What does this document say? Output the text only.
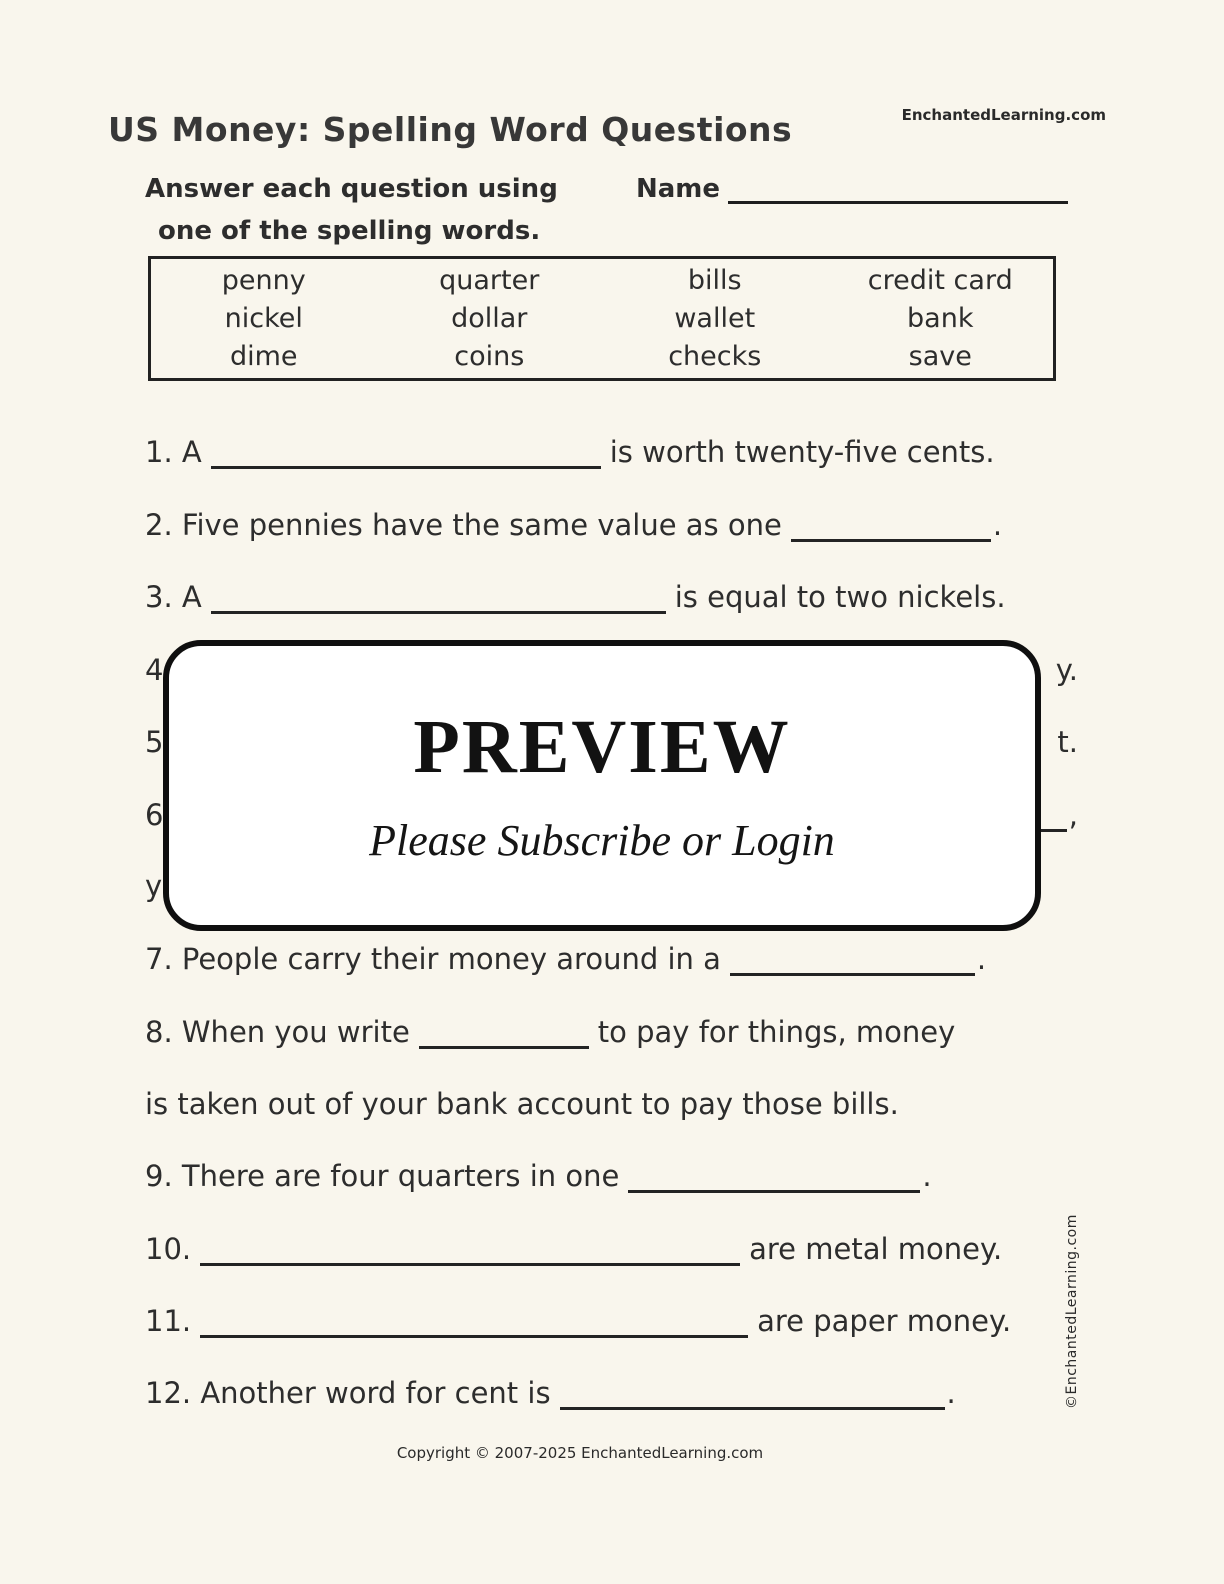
EnchantedLearning.com
US Money: Spelling Word Questions
Answer each question using
one of the spelling words.
Name
penny	quarter	bills	credit card
nickel	dollar	wallet	bank
dime	coins	checks	save
1. A	is worth twenty-five cents.
2. Five pennies have the same value as one	.
3. A	is equal to two nickels.
4	y.
5	t.
6	,
y
7. People carry their money around in a	.
8. When you write	to pay for things, money
is taken out of your bank account to pay those bills.
9. There are four quarters in one	.
10.	are metal money.
11.	are paper money.
12. Another word for cent is	.
PREVIEW
Please Subscribe or Login
©EnchantedLearning.com
Copyright © 2007-2025 EnchantedLearning.com
